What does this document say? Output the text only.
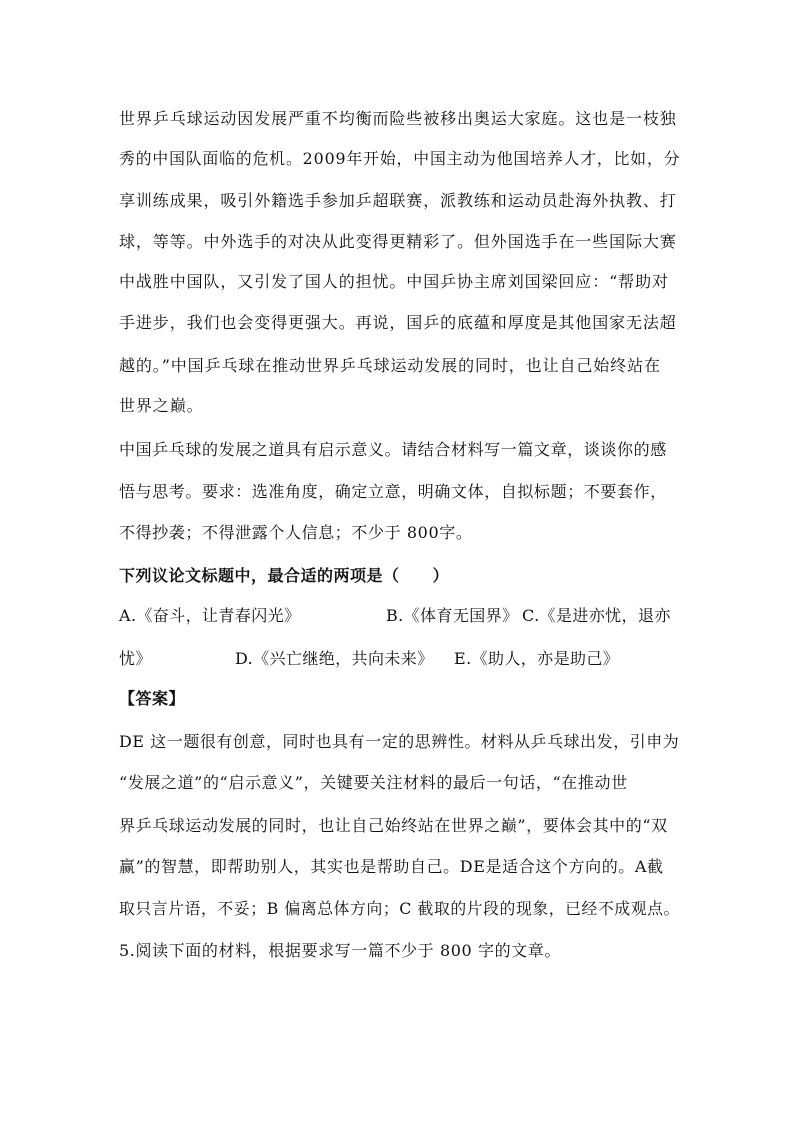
世界乒乓球运动因发展严重不均衡而险些被移出奥运大家庭。这也是一枝独
秀的中国队面临的危机。2009年开始，中国主动为他国培养人才，比如，分
享训练成果，吸引外籍选手参加乒超联赛，派教练和运动员赴海外执教、打
球，等等。中外选手的对决从此变得更精彩了。但外国选手在一些国际大赛
中战胜中国队，又引发了国人的担忧。中国乒协主席刘国梁回应：“帮助对
手进步，我们也会变得更强大。再说，国乒的底蕴和厚度是其他国家无法超
越的。”中国乒乓球在推动世界乒乓球运动发展的同时，也让自己始终站在
世界之巅。
中国乒乓球的发展之道具有启示意义。请结合材料写一篇文章，谈谈你的感
悟与思考。要求：选准角度，确定立意，明确文体，自拟标题；不要套作，
不得抄袭；不得泄露个人信息；不少于 800字。
下列议论文标题中，最合适的两项是（　　）
A.《奋斗，让青春闪光》	B.《体育无国界》 C.《是进亦忧，退亦
忧》	D.《兴亡继绝，共向未来》 E.《助人，亦是助己》
【答案】
DE 这一题很有创意，同时也具有一定的思辨性。材料从乒乓球出发，引申为
“发展之道”的“启示意义”，关键要关注材料的最后一句话，“在推动世
界乒乓球运动发展的同时，也让自己始终站在世界之巅”，要体会其中的“双
赢”的智慧，即帮助别人，其实也是帮助自己。DE是适合这个方向的。A截
取只言片语，不妥；B 偏离总体方向；C 截取的片段的现象，已经不成观点。
5.阅读下面的材料，根据要求写一篇不少于 800 字的文章。
